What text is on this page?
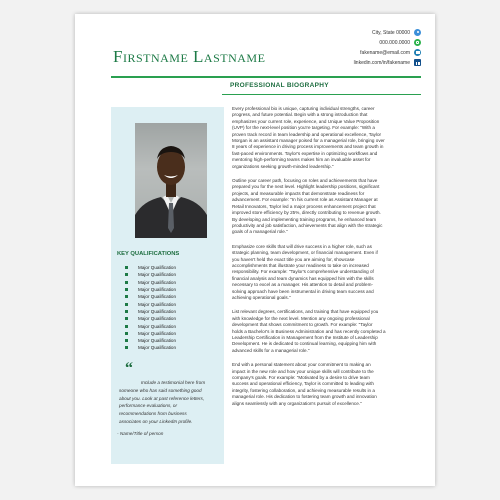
City, State 00000
000.000.0000
fakename@email.com
linkedin.com/in/fakename
Firstname Lastname
PROFESSIONAL BIOGRAPHY
KEY QUALIFICATIONS
Major Qualification
Major Qualification
Major Qualification
Major Qualification
Major Qualification
Major Qualification
Major Qualification
Major Qualification
Major Qualification
Major Qualification
Major Qualification
Major Qualification
“
Include a testimonial here from
someone who has said something good
about you. Look at past reference letters,
performance evaluations, or
recommendations from business
associates on your LinkedIn profile.
- Name/Title of person
Every professional bio is unique, capturing individual strengths, career
progress, and future potential. Begin with a strong introduction that
emphasizes your current role, experience, and Unique Value Proposition
(UVP) for the next-level position you're targeting. For example: "With a
proven track record in team leadership and operational excellence, Taylor
Morgan is an assistant manager poised for a managerial role, bringing over
8 years of experience in driving process improvements and team growth in
fast-paced environments. Taylor's expertise in optimizing workflows and
mentoring high-performing teams makes him an invaluable asset for
organizations seeking growth-minded leadership."
Outline your career path, focusing on roles and achievements that have
prepared you for the next level. Highlight leadership positions, significant
projects, and measurable impacts that demonstrate readiness for
advancement. For example: "In his current role as Assistant Manager at
Retail Innovators, Taylor led a major process enhancement project that
improved store efficiency by 25%, directly contributing to revenue growth.
By developing and implementing training programs, he enhanced team
productivity and job satisfaction, achievements that align with the strategic
goals of a managerial role."
Emphasize core skills that will drive success in a higher role, such as
strategic planning, team development, or financial management. Even if
you haven't held the exact title you are aiming for, showcase
accomplishments that illustrate your readiness to take on increased
responsibility. For example: "Taylor's comprehensive understanding of
financial analysis and team dynamics has equipped him with the skills
necessary to excel as a manager. His attention to detail and problem-
solving approach have been instrumental in driving team success and
achieving operational goals."
List relevant degrees, certifications, and training that have equipped you
with knowledge for the next level. Mention any ongoing professional
development that shows commitment to growth. For example: "Taylor
holds a Bachelor's in Business Administration and has recently completed a
Leadership Certification in Management from the Institute of Leadership
Development. He is dedicated to continual learning, equipping him with
advanced skills for a managerial role."
End with a personal statement about your commitment to making an
impact in the new role and how your unique skills will contribute to the
company's goals. For example: "Motivated by a desire to drive team
success and operational efficiency, Taylor is committed to leading with
integrity, fostering collaboration, and achieving measurable results in a
managerial role. His dedication to fostering team growth and innovation
aligns seamlessly with any organization's pursuit of excellence."
